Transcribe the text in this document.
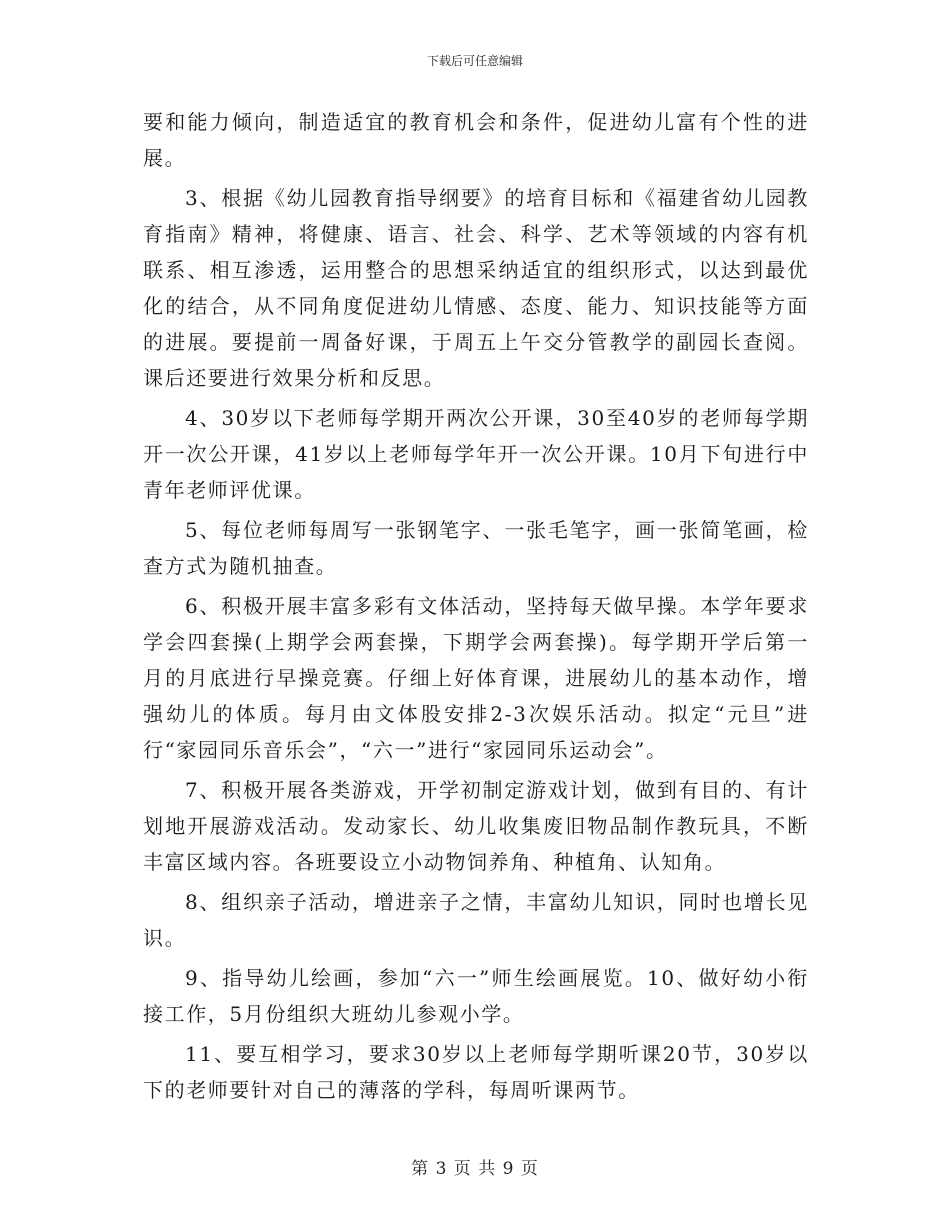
下载后可任意编辑

要和能力倾向，制造适宜的教育机会和条件，促进幼儿富有个性的进展。

3、根据《幼儿园教育指导纲要》的培育目标和《福建省幼儿园教育指南》精神，将健康、语言、社会、科学、艺术等领域的内容有机联系、相互渗透，运用整合的思想采纳适宜的组织形式，以达到最优化的结合，从不同角度促进幼儿情感、态度、能力、知识技能等方面的进展。要提前一周备好课，于周五上午交分管教学的副园长查阅。课后还要进行效果分析和反思。

4、30岁以下老师每学期开两次公开课，30至40岁的老师每学期开一次公开课，41岁以上老师每学年开一次公开课。10月下旬进行中青年老师评优课。

5、每位老师每周写一张钢笔字、一张毛笔字，画一张简笔画，检查方式为随机抽查。

6、积极开展丰富多彩有文体活动，坚持每天做早操。本学年要求学会四套操(上期学会两套操，下期学会两套操)。每学期开学后第一月的月底进行早操竞赛。仔细上好体育课，进展幼儿的基本动作，增强幼儿的体质。每月由文体股安排2-3次娱乐活动。拟定“元旦”进行“家园同乐音乐会”，“六一”进行“家园同乐运动会”。

7、积极开展各类游戏，开学初制定游戏计划，做到有目的、有计划地开展游戏活动。发动家长、幼儿收集废旧物品制作教玩具，不断丰富区域内容。各班要设立小动物饲养角、种植角、认知角。

8、组织亲子活动，增进亲子之情，丰富幼儿知识，同时也增长见识。

9、指导幼儿绘画，参加“六一”师生绘画展览。10、做好幼小衔接工作，5月份组织大班幼儿参观小学。

11、要互相学习，要求30岁以上老师每学期听课20节，30岁以下的老师要针对自己的薄落的学科，每周听课两节。

第 3 页 共 9 页
